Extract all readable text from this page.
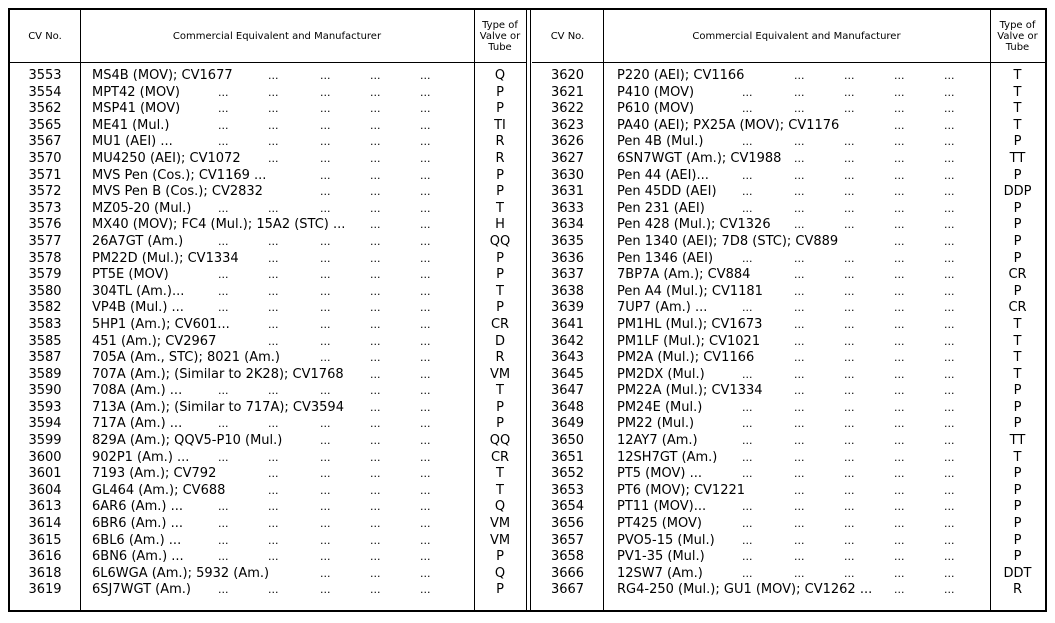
CV No.	Commercial Equivalent and Manufacturer
Type of Valve or Tube
3553	MS4B (MOV); CV1677	Q
...	...	...	...
3554	MPT42 (MOV)	P
...	...	...	...	...
3562	MSP41 (MOV)	P
...	...	...	...	...
3565	ME41 (Mul.)	TI
...	...	...	...	...
3567	MU1 (AEI) ...	R
...	...	...	...	...
3570	MU4250 (AEI); CV1072	R
...	...	...	...
3571	MVS Pen (Cos.); CV1169 ...	P
...	...	...
3572	MVS Pen B (Cos.); CV2832	P
...	...	...
3573	MZ05-20 (Mul.)	T
...	...	...	...	...
3576	MX40 (MOV); FC4 (Mul.); 15A2 (STC) ...	H
...	...
3577	26A7GT (Am.)	QQ
...	...	...	...	...
3578	PM22D (Mul.); CV1334	P
...	...	...	...
3579	PT5E (MOV)	P
...	...	...	...	...
3580	304TL (Am.)...	T
...	...	...	...	...
3582	VP4B (Mul.) ...	P
...	...	...	...	...
3583	5HP1 (Am.); CV601...	CR
...	...	...	...
3585	451 (Am.); CV2967	D
...	...	...	...
3587	705A (Am., STC); 8021 (Am.)	R
...	...	...
3589	707A (Am.); (Similar to 2K28); CV1768	VM
...	...
3590	708A (Am.) ...	T
...	...	...	...	...
3593	713A (Am.); (Similar to 717A); CV3594	P
...	...
3594	717A (Am.) ...	P
...	...	...	...	...
3599	829A (Am.); QQV5-P10 (Mul.)	QQ
...	...	...
3600	902P1 (Am.) ...	CR
...	...	...	...	...
3601	7193 (Am.); CV792	T
...	...	...	...
3604	GL464 (Am.); CV688	T
...	...	...	...
3613	6AR6 (Am.) ...	Q
...	...	...	...	...
3614	6BR6 (Am.) ...	VM
...	...	...	...	...
3615	6BL6 (Am.) ...	VM
...	...	...	...	...
3616	6BN6 (Am.) ...	P
...	...	...	...	...
3618	6L6WGA (Am.); 5932 (Am.)	Q
...	...	...
3619	6SJ7WGT (Am.)	P
...	...	...	...	...
CV No.	Commercial Equivalent and Manufacturer
Type of Valve or Tube
3620	P220 (AEI); CV1166	T
...	...	...	...
3621	P410 (MOV)	T
...	...	...	...	...
3622	P610 (MOV)	T
...	...	...	...	...
3623	PA40 (AEI); PX25A (MOV); CV1176	T
...	...
3626	Pen 4B (Mul.)	P
...	...	...	...	...
3627	6SN7WGT (Am.); CV1988	TT
...	...	...	...
3630	Pen 44 (AEI)...	P
...	...	...	...	...
3631	Pen 45DD (AEI)	DDP
...	...	...	...	...
3633	Pen 231 (AEI)	P
...	...	...	...	...
3634	Pen 428 (Mul.); CV1326	P
...	...	...	...
3635	Pen 1340 (AEI); 7D8 (STC); CV889	P
...	...
3636	Pen 1346 (AEI)	P
...	...	...	...	...
3637	7BP7A (Am.); CV884	CR
...	...	...	...
3638	Pen A4 (Mul.); CV1181	P
...	...	...	...
3639	7UP7 (Am.) ...	CR
...	...	...	...	...
3641	PM1HL (Mul.); CV1673	T
...	...	...	...
3642	PM1LF (Mul.); CV1021	T
...	...	...	...
3643	PM2A (Mul.); CV1166	T
...	...	...	...
3645	PM2DX (Mul.)	T
...	...	...	...	...
3647	PM22A (Mul.); CV1334	P
...	...	...	...
3648	PM24E (Mul.)	P
...	...	...	...	...
3649	PM22 (Mul.)	P
...	...	...	...	...
3650	12AY7 (Am.)	TT
...	...	...	...	...
3651	12SH7GT (Am.)	T
...	...	...	...	...
3652	PT5 (MOV) ...	P
...	...	...	...	...
3653	PT6 (MOV); CV1221	P
...	...	...	...
3654	PT11 (MOV)...	P
...	...	...	...	...
3656	PT425 (MOV)	P
...	...	...	...	...
3657	PVO5-15 (Mul.)	P
...	...	...	...	...
3658	PV1-35 (Mul.)	P
...	...	...	...	...
3666	12SW7 (Am.)	DDT
...	...	...	...	...
3667	RG4-250 (Mul.); GU1 (MOV); CV1262 ...	R
...	...
